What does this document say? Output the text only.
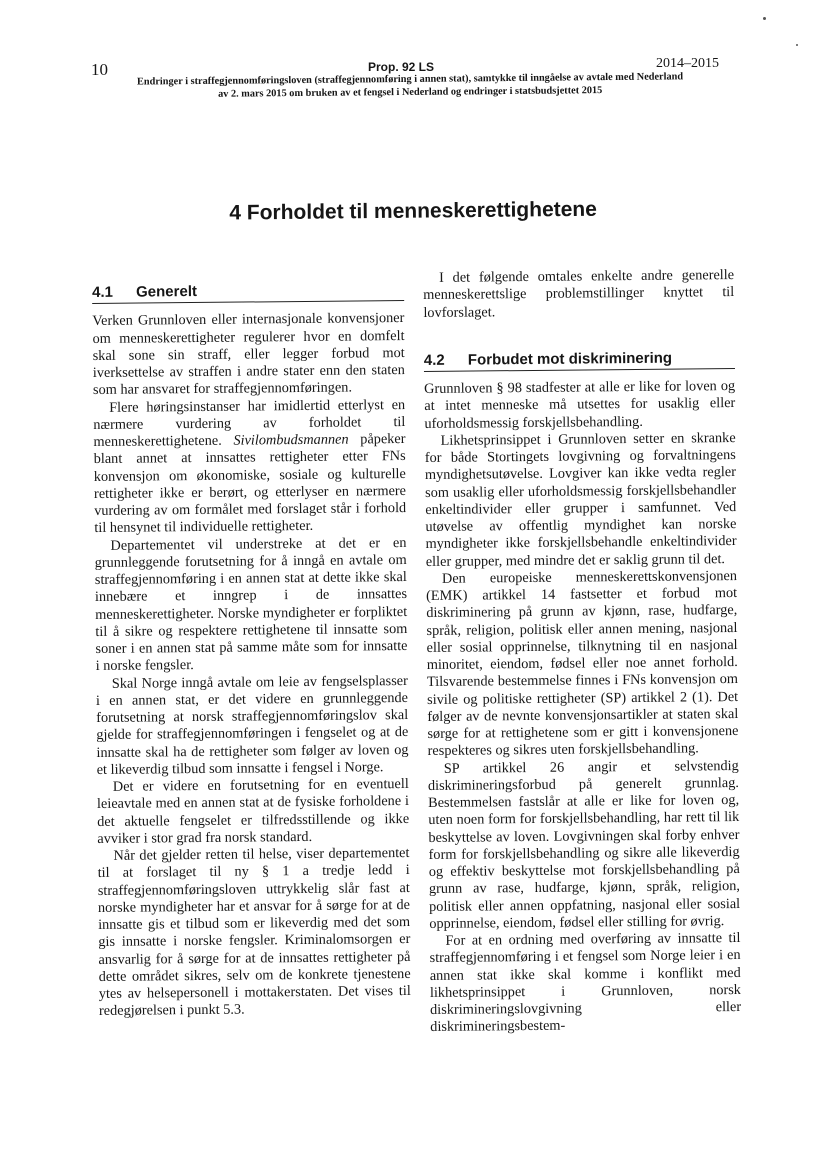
10	Prop. 92 LS	2014–2015
Endringer i straffegjennomføringsloven (straffegjennomføring i annen stat), samtykke til inngåelse av avtale med Nederland
av 2. mars 2015 om bruken av et fengsel i Nederland og endringer i statsbudsjettet 2015
4 Forholdet til menneskerettighetene
4.1 Generelt

Verken Grunnloven eller internasjonale konvensjoner om menneskerettigheter regulerer hvor en domfelt skal sone sin straff, eller legger forbud mot iverksettelse av straffen i andre stater enn den staten som har ansvaret for straffegjennomføringen.

Flere høringsinstanser har imidlertid etterlyst en nærmere vurdering av forholdet til menneskerettighetene. Sivilombudsmannen påpeker blant annet at innsattes rettigheter etter FNs konvensjon om økonomiske, sosiale og kulturelle rettigheter ikke er berørt, og etterlyser en nærmere vurdering av om formålet med forslaget står i forhold til hensynet til individuelle rettigheter.

Departementet vil understreke at det er en grunnleggende forutsetning for å inngå en avtale om straffegjennomføring i en annen stat at dette ikke skal innebære et inngrep i de innsattes menneskerettigheter. Norske myndigheter er forpliktet til å sikre og respektere rettighetene til innsatte som soner i en annen stat på samme måte som for innsatte i norske fengsler.

Skal Norge inngå avtale om leie av fengselsplasser i en annen stat, er det videre en grunnleggende forutsetning at norsk straffegjennomføringslov skal gjelde for straffegjennomføringen i fengselet og at de innsatte skal ha de rettigheter som følger av loven og et likeverdig tilbud som innsatte i fengsel i Norge.

Det er videre en forutsetning for en eventuell leieavtale med en annen stat at de fysiske forholdene i det aktuelle fengselet er tilfredsstillende og ikke avviker i stor grad fra norsk standard.

Når det gjelder retten til helse, viser departementet til at forslaget til ny § 1 a tredje ledd i straffegjennomføringsloven uttrykkelig slår fast at norske myndigheter har et ansvar for å sørge for at de innsatte gis et tilbud som er likeverdig med det som gis innsatte i norske fengsler. Kriminalomsorgen er ansvarlig for å sørge for at de innsattes rettigheter på dette området sikres, selv om de konkrete tjenestene ytes av helsepersonell i mottakerstaten. Det vises til redegjørelsen i punkt 5.3.

I det følgende omtales enkelte andre generelle menneskerettslige problemstillinger knyttet til lovforslaget.

4.2 Forbudet mot diskriminering

Grunnloven § 98 stadfester at alle er like for loven og at intet menneske må utsettes for usaklig eller uforholdsmessig forskjellsbehandling.

Likhetsprinsippet i Grunnloven setter en skranke for både Stortingets lovgivning og forvaltningens myndighetsutøvelse. Lovgiver kan ikke vedta regler som usaklig eller uforholdsmessig forskjellsbehandler enkeltindivider eller grupper i samfunnet. Ved utøvelse av offentlig myndighet kan norske myndigheter ikke forskjellsbehandle enkeltindivider eller grupper, med mindre det er saklig grunn til det.

Den europeiske menneskerettskonvensjonen (EMK) artikkel 14 fastsetter et forbud mot diskriminering på grunn av kjønn, rase, hudfarge, språk, religion, politisk eller annen mening, nasjonal eller sosial opprinnelse, tilknytning til en nasjonal minoritet, eiendom, fødsel eller noe annet forhold. Tilsvarende bestemmelse finnes i FNs konvensjon om sivile og politiske rettigheter (SP) artikkel 2 (1). Det følger av de nevnte konvensjonsartikler at staten skal sørge for at rettighetene som er gitt i konvensjonene respekteres og sikres uten forskjellsbehandling.

SP artikkel 26 angir et selvstendig diskrimineringsforbud på generelt grunnlag. Bestemmelsen fastslår at alle er like for loven og, uten noen form for forskjellsbehandling, har rett til lik beskyttelse av loven. Lovgivningen skal forby enhver form for forskjellsbehandling og sikre alle likeverdig og effektiv beskyttelse mot forskjellsbehandling på grunn av rase, hudfarge, kjønn, språk, religion, politisk eller annen oppfatning, nasjonal eller sosial opprinnelse, eiendom, fødsel eller stilling for øvrig.

For at en ordning med overføring av innsatte til straffegjennomføring i et fengsel som Norge leier i en annen stat ikke skal komme i konflikt med likhetsprinsippet i Grunnloven, norsk diskrimineringslovgivning eller diskrimineringsbestem-
